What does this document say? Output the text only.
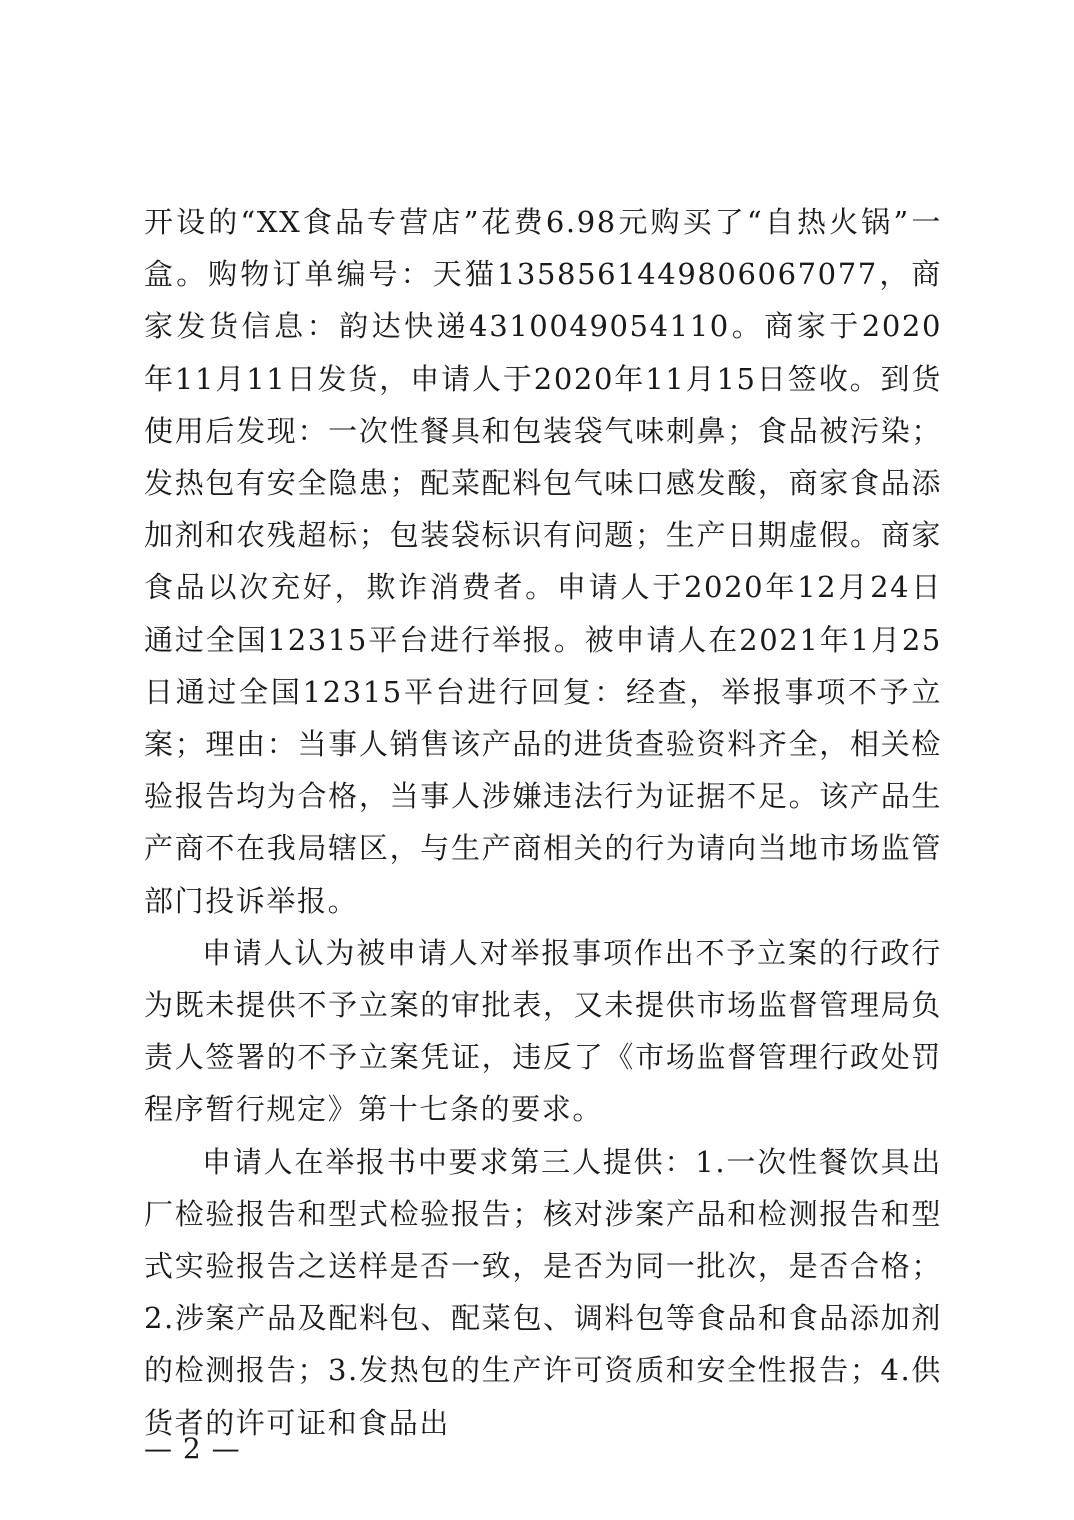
开设的“XX食品专营店”花费6.98元购买了“自热火锅”一盒。购物订单编号：天猫1358561449806067077，商家发货信息：韵达快递4310049054110。商家于2020年11月11日发货，申请人于2020年11月15日签收。到货使用后发现：一次性餐具和包装袋气味刺鼻；食品被污染；发热包有安全隐患；配菜配料包气味口感发酸，商家食品添加剂和农残超标；包装袋标识有问题；生产日期虚假。商家食品以次充好，欺诈消费者。申请人于2020年12月24日通过全国12315平台进行举报。被申请人在2021年1月25日通过全国12315平台进行回复：经查，举报事项不予立案；理由：当事人销售该产品的进货查验资料齐全，相关检验报告均为合格，当事人涉嫌违法行为证据不足。该产品生产商不在我局辖区，与生产商相关的行为请向当地市场监管部门投诉举报。

申请人认为被申请人对举报事项作出不予立案的行政行为既未提供不予立案的审批表，又未提供市场监督管理局负责人签署的不予立案凭证，违反了《市场监督管理行政处罚程序暂行规定》第十七条的要求。

申请人在举报书中要求第三人提供：1.一次性餐饮具出厂检验报告和型式检验报告；核对涉案产品和检测报告和型式实验报告之送样是否一致，是否为同一批次，是否合格；2.涉案产品及配料包、配菜包、调料包等食品和食品添加剂的检测报告；3.发热包的生产许可资质和安全性报告；4.供货者的许可证和食品出

— 2 —
